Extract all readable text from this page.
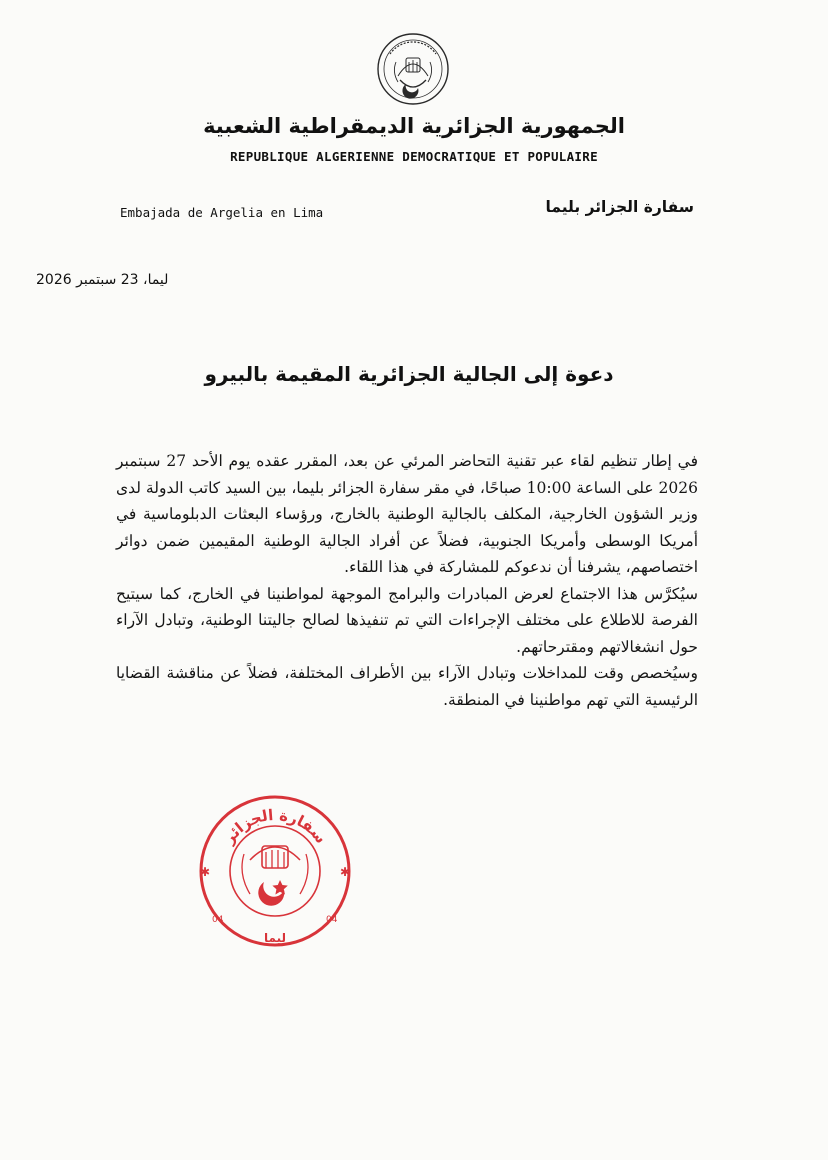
الجمهورية الجزائرية الديمقراطية الشعبية
REPUBLIQUE ALGERIENNE DEMOCRATIQUE ET POPULAIRE
Embajada de Argelia en Lima	سفارة الجزائر بليما
ليما، 23 سبتمبر 2026
دعوة إلى الجالية الجزائرية المقيمة بالبيرو

في إطار تنظيم لقاء عبر تقنية التحاضر المرئي عن بعد، المقرر عقده يوم الأحد 27 سبتمبر 2026 على الساعة 10:00 صباحًا، في مقر سفارة الجزائر بليما، بين السيد كاتب الدولة لدى وزير الشؤون الخارجية، المكلف بالجالية الوطنية بالخارج، ورؤساء البعثات الدبلوماسية في أمريكا الوسطى وأمريكا الجنوبية، فضلاً عن أفراد الجالية الوطنية المقيمين ضمن دوائر اختصاصهم، يشرفنا أن ندعوكم للمشاركة في هذا اللقاء.

سيُكرَّس هذا الاجتماع لعرض المبادرات والبرامج الموجهة لمواطنينا في الخارج، كما سيتيح الفرصة للاطلاع على مختلف الإجراءات التي تم تنفيذها لصالح جاليتنا الوطنية، وتبادل الآراء حول انشغالاتهم ومقترحاتهم.

وسيُخصص وقت للمداخلات وتبادل الآراء بين الأطراف المختلفة، فضلاً عن مناقشة القضايا الرئيسية التي تهم مواطنينا في المنطقة.

سفارة الجزائر
ليما
04	04
✱	✱
